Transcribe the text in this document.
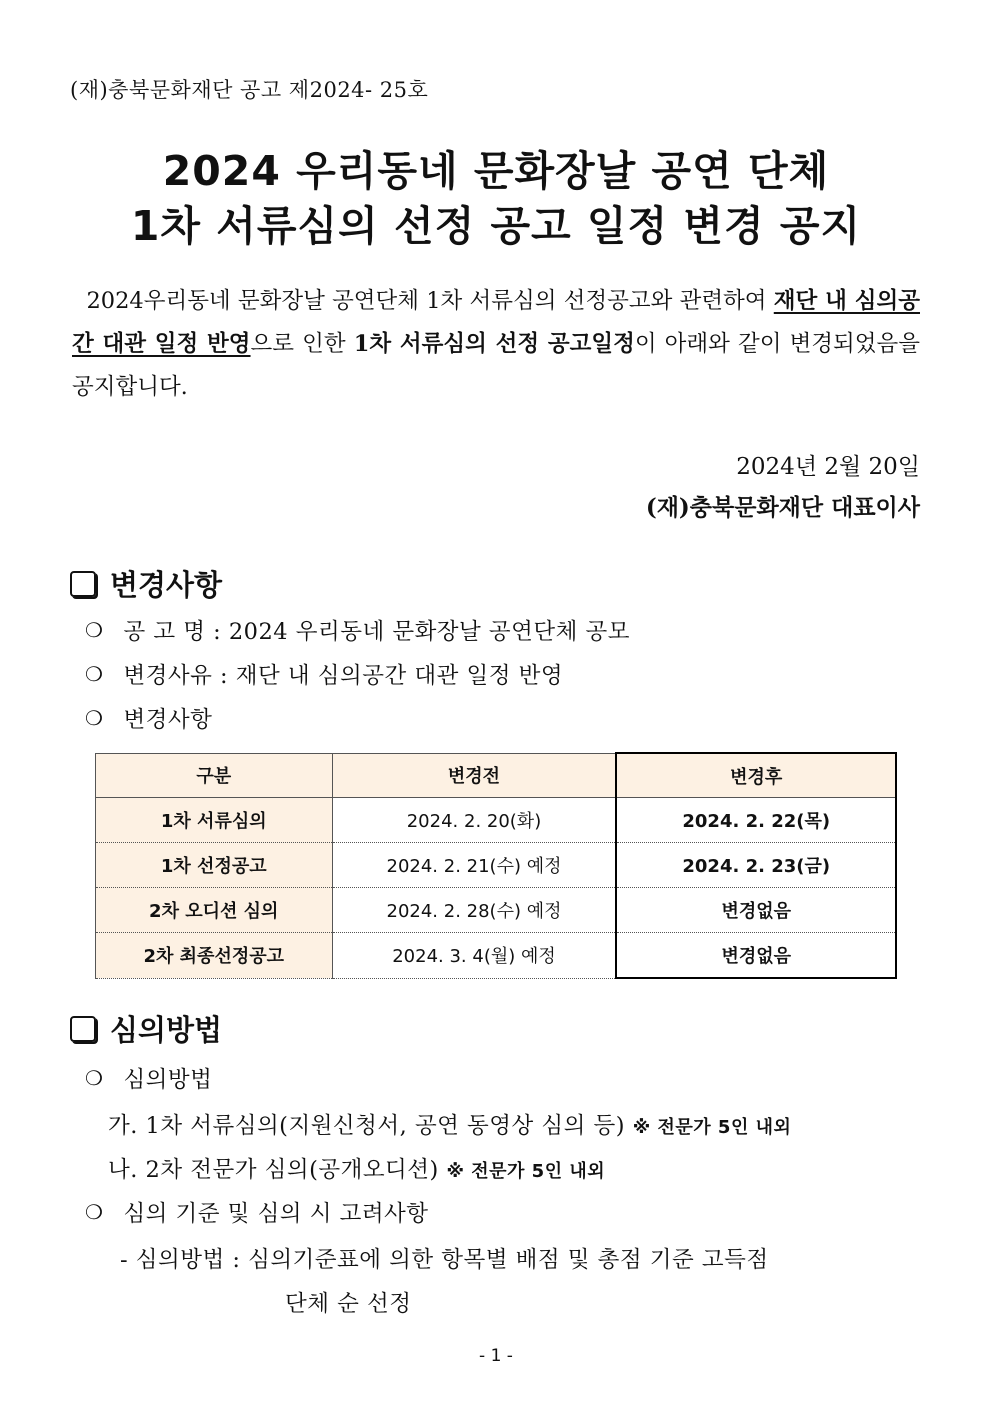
(재)충북문화재단 공고 제2024- 25호
2024 우리동네 문화장날 공연 단체
1차 서류심의 선정 공고 일정 변경 공지
2024우리동네 문화장날 공연단체 1차 서류심의 선정공고와 관련하여 재단 내 심의공간 대관 일정 반영으로 인한 1차 서류심의 선정 공고일정이 아래와 같이 변경되었음을 공지합니다.
2024년 2월 20일
(재)충북문화재단 대표이사
변경사항
❍ 공 고 명 : 2024 우리동네 문화장날 공연단체 공모
❍ 변경사유 : 재단 내 심의공간 대관 일정 반영
❍ 변경사항
구분	변경전	변경후
1차 서류심의	2024. 2. 20(화)	2024. 2. 22(목)
1차 선정공고	2024. 2. 21(수) 예정	2024. 2. 23(금)
2차 오디션 심의	2024. 2. 28(수) 예정	변경없음
2차 최종선정공고	2024. 3. 4(월) 예정	변경없음
심의방법
❍ 심의방법
가. 1차 서류심의(지원신청서, 공연 동영상 심의 등) ※ 전문가 5인 내외
나. 2차 전문가 심의(공개오디션) ※ 전문가 5인 내외
❍ 심의 기준 및 심의 시 고려사항
- 심의방법 : 심의기준표에 의한 항목별 배점 및 총점 기준 고득점
단체 순 선정
- 1 -
